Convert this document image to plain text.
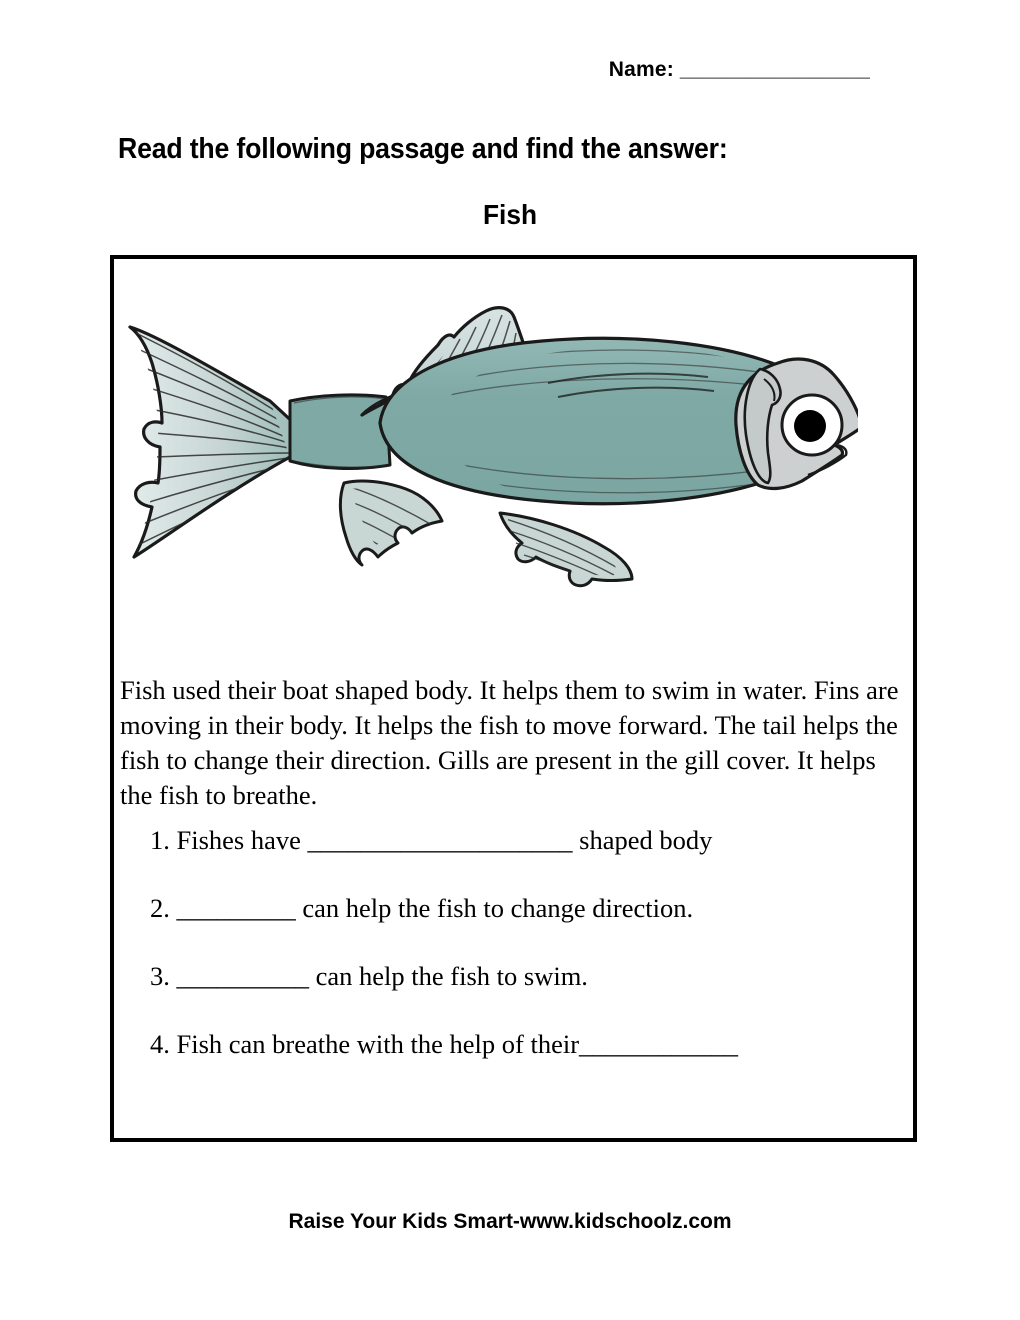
Name: ________________
Read the following passage and find the answer:
Fish

Fish used their boat shaped body. It helps them to swim in water. Fins are moving in their body. It helps the fish to move forward. The tail helps the fish to change their direction. Gills are present in the gill cover. It helps the fish to breathe.

1. Fishes have ____________________ shaped body
2. _________ can help the fish to change direction.
3. __________ can help the fish to swim.
4. Fish can breathe with the help of their____________
Raise Your Kids Smart-www.kidschoolz.com
